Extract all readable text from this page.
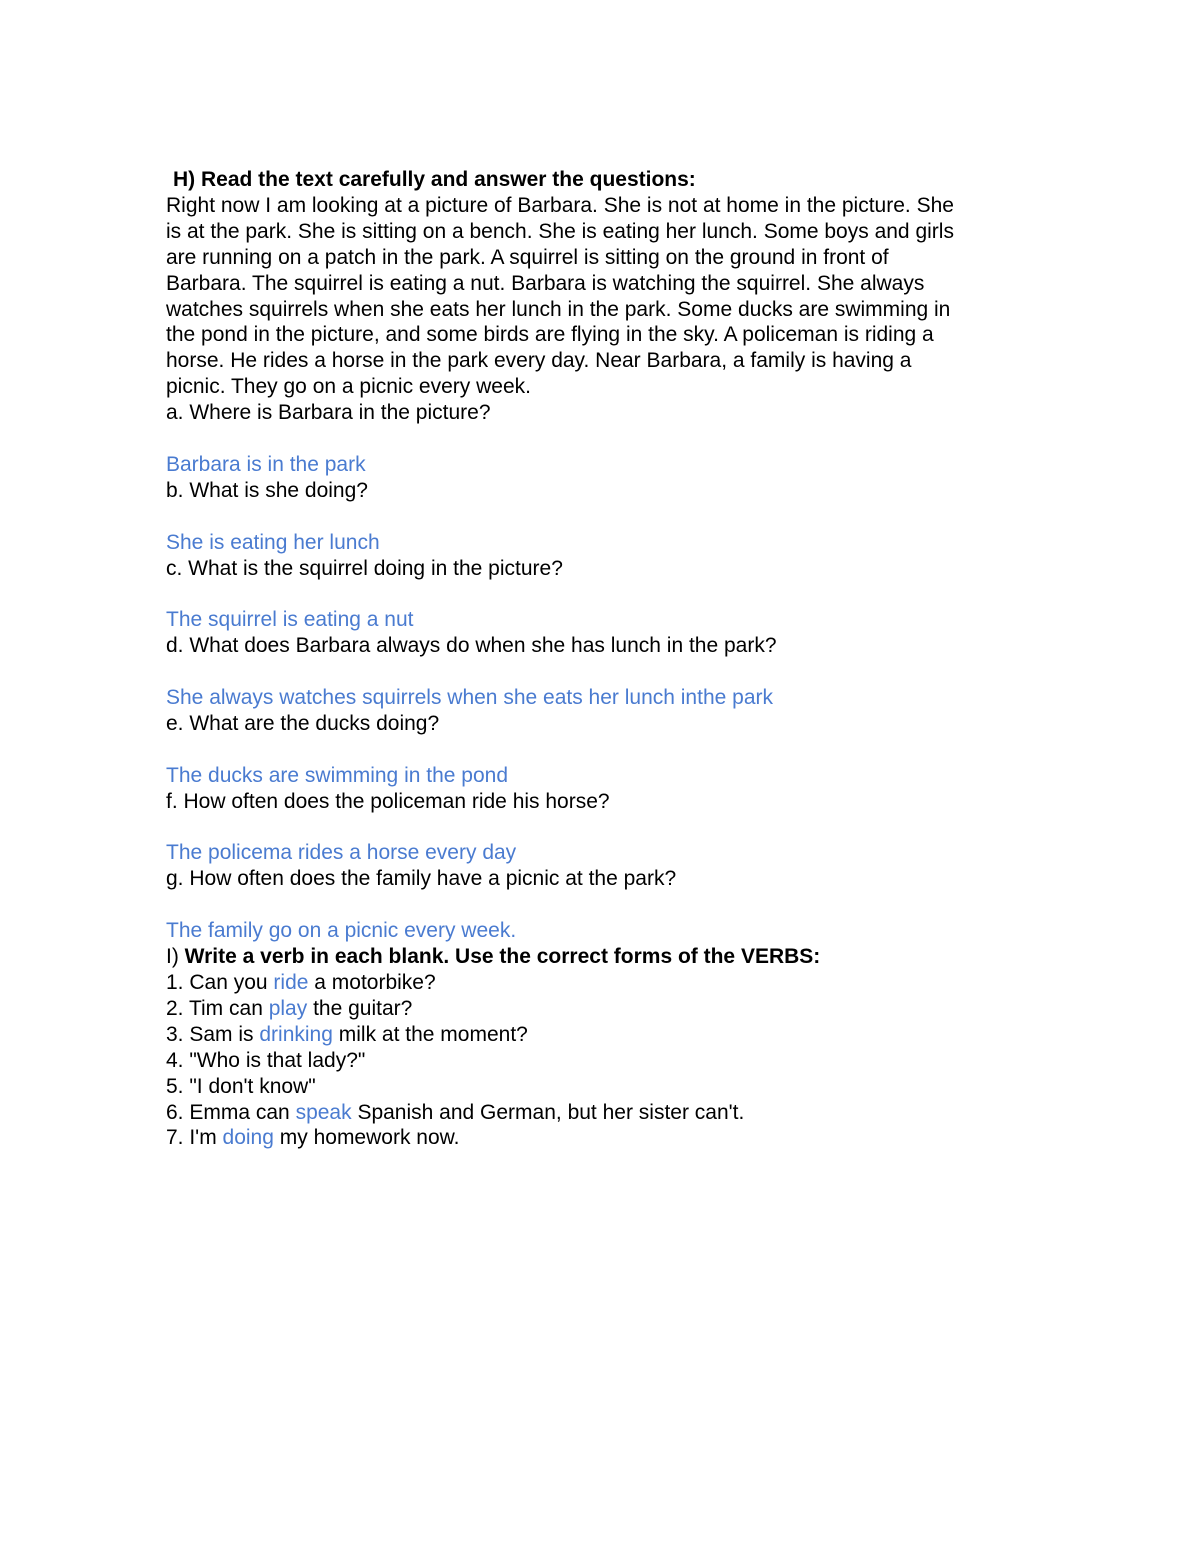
H) Read the text carefully and answer the questions:

Right now I am looking at a picture of Barbara. She is not at home in the picture. She

is at the park. She is sitting on a bench. She is eating her lunch. Some boys and girls

are running on a patch in the park. A squirrel is sitting on the ground in front of

Barbara. The squirrel is eating a nut. Barbara is watching the squirrel. She always

watches squirrels when she eats her lunch in the park. Some ducks are swimming in

the pond in the picture, and some birds are flying in the sky. A policeman is riding a

horse. He rides a horse in the park every day. Near Barbara, a family is having a

picnic. They go on a picnic every week.

a. Where is Barbara in the picture?
Barbara is in the park
b. What is she doing?
She is eating her lunch
c. What is the squirrel doing in the picture?
The squirrel is eating a nut
d. What does Barbara always do when she has lunch in the park?
She always watches squirrels when she eats her lunch inthe park
e. What are the ducks doing?
The ducks are swimming in the pond
f. How often does the policeman ride his horse?
The policema rides a horse every day
g. How often does the family have a picnic at the park?
The family go on a picnic every week.
I) Write a verb in each blank. Use the correct forms of the VERBS:
1. Can you ride a motorbike?
2. Tim can play the guitar?
3. Sam is drinking milk at the moment?
4. "Who is that lady?"
5. "I don't know"
6. Emma can speak Spanish and German, but her sister can't.
7. I'm doing my homework now.
